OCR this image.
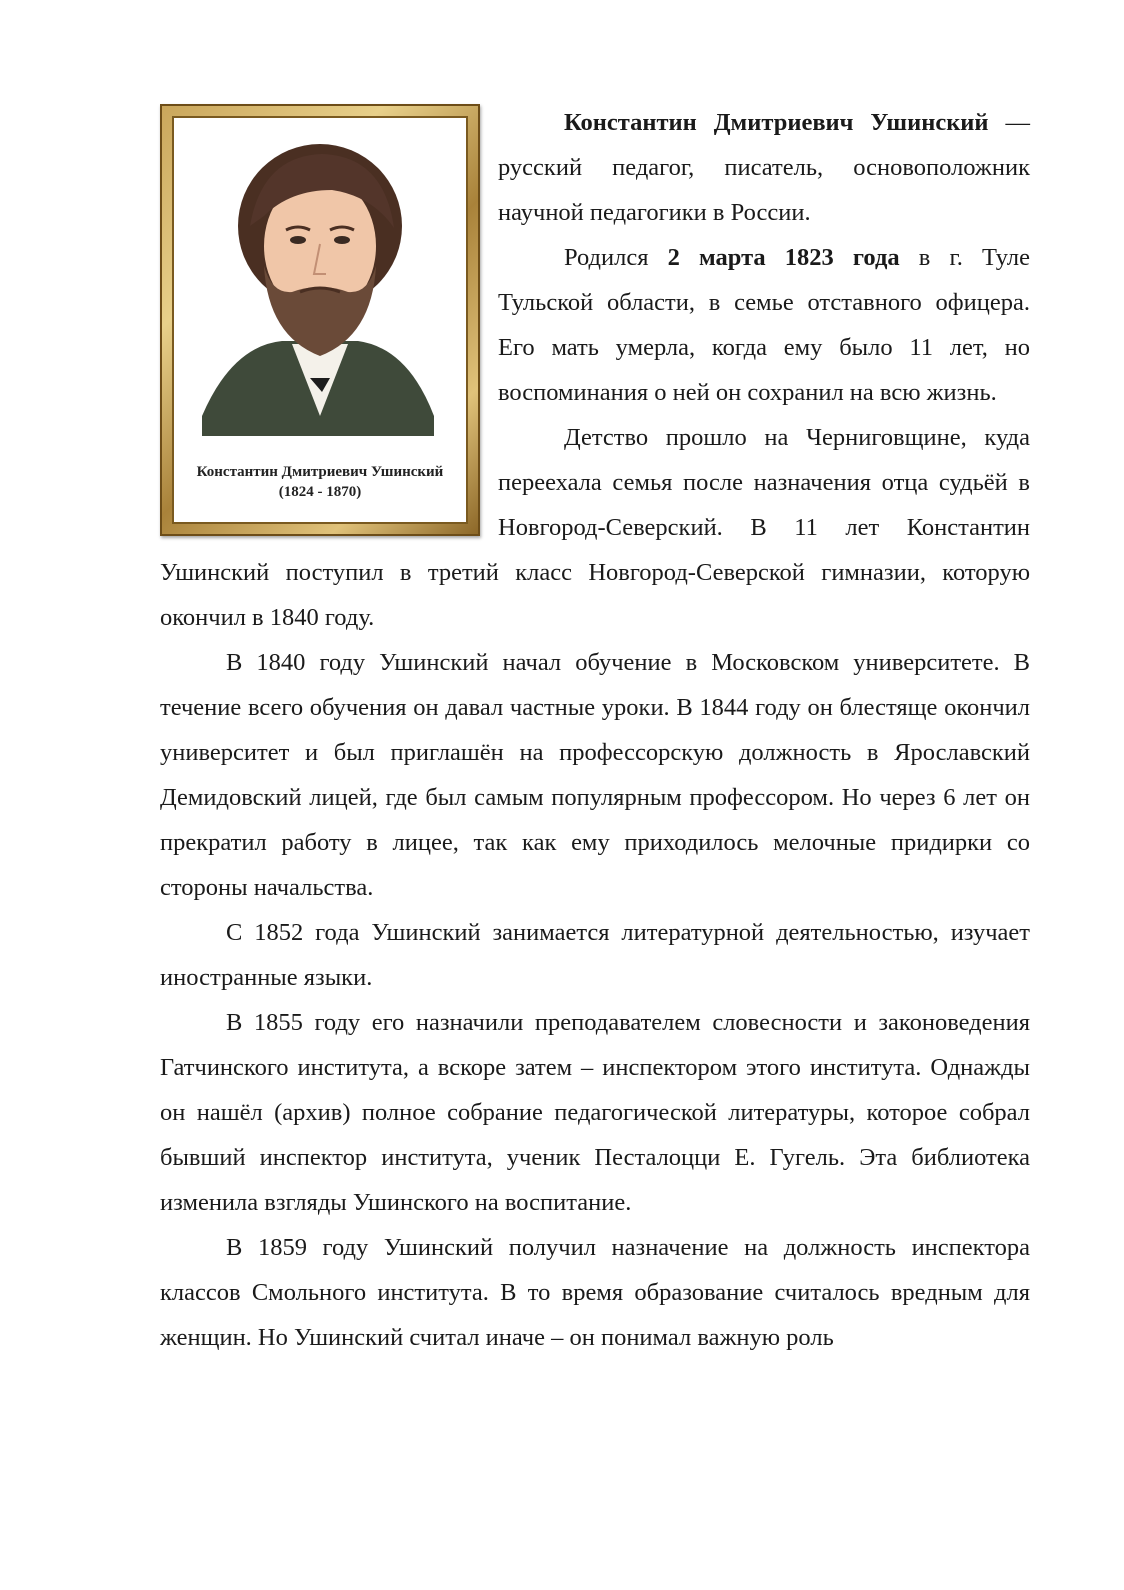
Константин Дмитриевич Ушинский
(1824 - 1870)

Константин Дмитриевич Ушинский — русский педагог, писатель, основоположник научной педагогики в России.

Родился 2 марта 1823 года в г. Туле Тульской области, в семье отставного офицера. Его мать умерла, когда ему было 11 лет, но воспоминания о ней он сохранил на всю жизнь.

Детство прошло на Черниговщине, куда переехала семья после назначения отца судьёй в Новгород-Северский. В 11 лет Константин Ушинский поступил в третий класс Новгород-Северской гимназии, которую окончил в 1840 году.

В 1840 году Ушинский начал обучение в Московском университете. В течение всего обучения он давал частные уроки. В 1844 году он блестяще окончил университет и был приглашён на профессорскую должность в Ярославский Демидовский лицей, где был самым популярным профессором. Но через 6 лет он прекратил работу в лицее, так как ему приходилось мелочные придирки со стороны начальства.

С 1852 года Ушинский занимается литературной деятельностью, изучает иностранные языки.

В 1855 году его назначили преподавателем словесности и законоведения Гатчинского института, а вскоре затем – инспектором этого института. Однажды он нашёл (архив) полное собрание педагогической литературы, которое собрал бывший инспектор института, ученик Песталоцци Е. Гугель. Эта библиотека изменила взгляды Ушинского на воспитание.

В 1859 году Ушинский получил назначение на должность инспектора классов Смольного института. В то время образование считалось вредным для женщин. Но Ушинский считал иначе – он понимал важную роль
